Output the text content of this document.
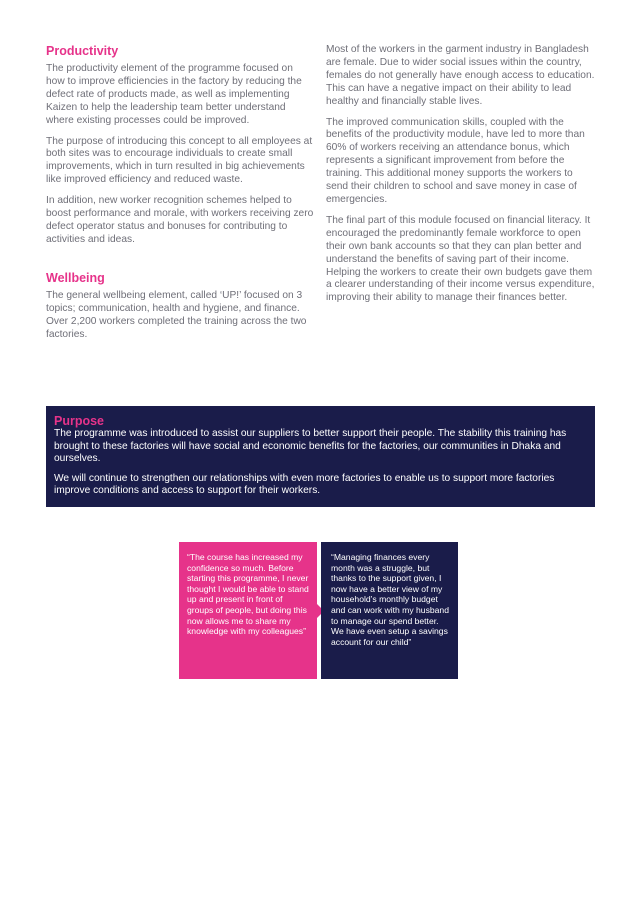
Productivity

The productivity element of the programme focused on how to improve efficiencies in the factory by reducing the defect rate of products made, as well as implementing Kaizen to help the leadership team better understand where existing processes could be improved.

The purpose of introducing this concept to all employees at both sites was to encourage individuals to create small improvements, which in turn resulted in big achievements like improved efficiency and reduced waste.

In addition, new worker recognition schemes helped to boost performance and morale, with workers receiving zero defect operator status and bonuses for contributing to activities and ideas.

Wellbeing

The general wellbeing element, called ‘UP!’ focused on 3 topics; communication, health and hygiene, and finance. Over 2,200 workers completed the training across the two factories.

Most of the workers in the garment industry in Bangladesh are female. Due to wider social issues within the country, females do not generally have enough access to education. This can have a negative impact on their ability to lead healthy and financially stable lives.

The improved communication skills, coupled with the benefits of the productivity module, have led to more than 60% of workers receiving an attendance bonus, which represents a significant improvement from before the training. This additional money supports the workers to send their children to school and save money in case of emergencies.

The final part of this module focused on financial literacy. It encouraged the predominantly female workforce to open their own bank accounts so that they can plan better and understand the benefits of saving part of their income. Helping the workers to create their own budgets gave them a clearer understanding of their income versus expenditure, improving their ability to manage their finances better.

Purpose

The programme was introduced to assist our suppliers to better support their people. The stability this training has brought to these factories will have social and economic benefits for the factories, our communities in Dhaka and ourselves.

We will continue to strengthen our relationships with even more factories to enable us to support more factories improve conditions and access to support for their workers.

“The course has increased my confidence so much. Before starting this programme, I never thought I would be able to stand up and present in front of groups of people, but doing this now allows me to share my knowledge with my colleagues”
“Managing finances every month was a struggle, but thanks to the support given, I now have a better view of my household’s monthly budget and can work with my husband to manage our spend better. We have even setup a savings account for our child”
